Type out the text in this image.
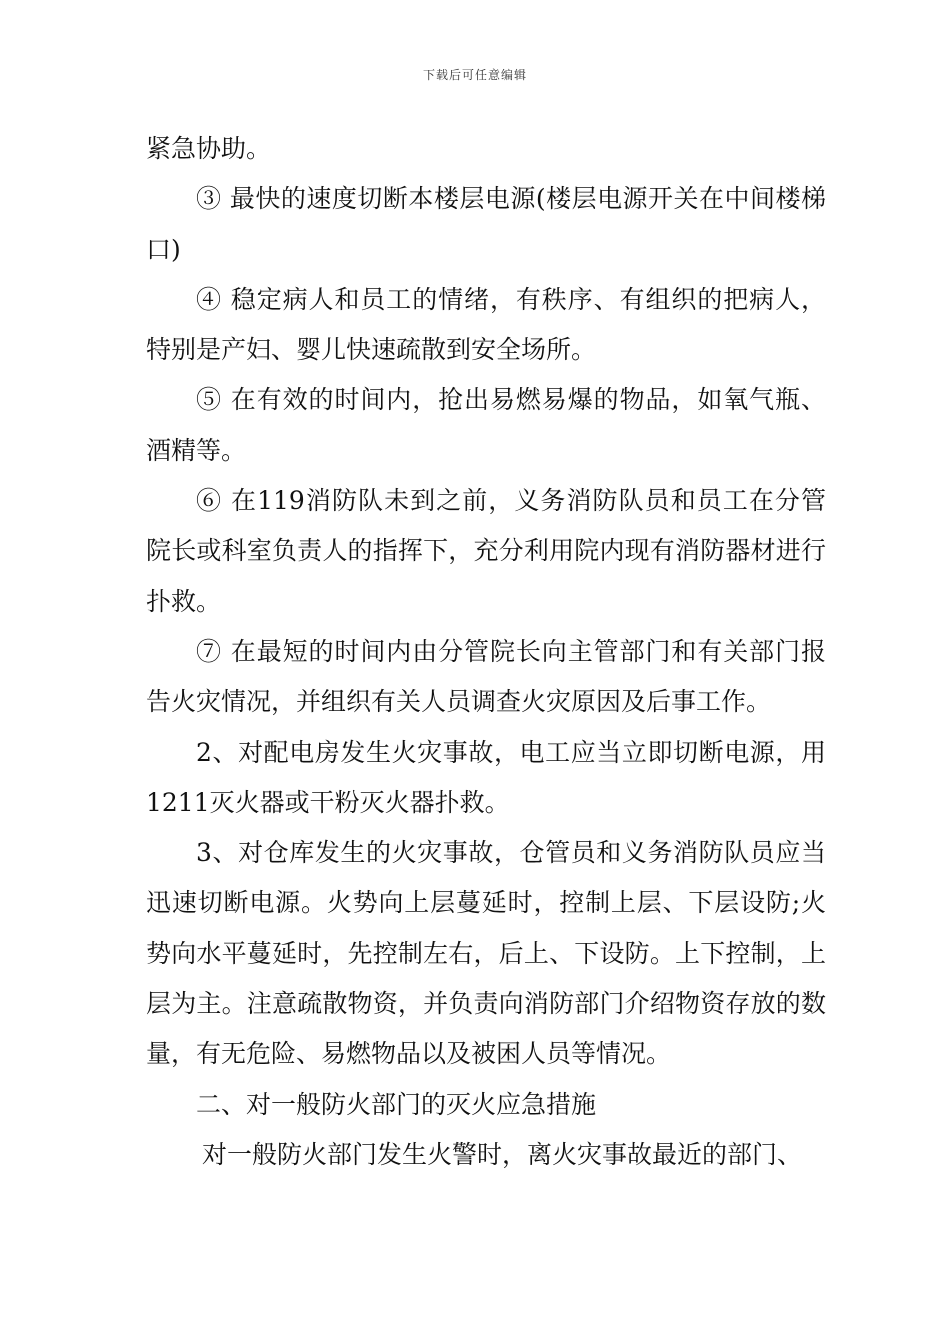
下载后可任意编辑

紧急协助。

③ 最快的速度切断本楼层电源(楼层电源开关在中间楼梯口)

④ 稳定病人和员工的情绪，有秩序、有组织的把病人，特别是产妇、婴儿快速疏散到安全场所。

⑤ 在有效的时间内，抢出易燃易爆的物品，如氧气瓶、酒精等。

⑥ 在119消防队未到之前，义务消防队员和员工在分管院长或科室负责人的指挥下，充分利用院内现有消防器材进行扑救。

⑦ 在最短的时间内由分管院长向主管部门和有关部门报告火灾情况，并组织有关人员调查火灾原因及后事工作。

2、对配电房发生火灾事故，电工应当立即切断电源，用1211灭火器或干粉灭火器扑救。

3、对仓库发生的火灾事故，仓管员和义务消防队员应当迅速切断电源。火势向上层蔓延时，控制上层、下层设防;火势向水平蔓延时，先控制左右，后上、下设防。上下控制，上层为主。注意疏散物资，并负责向消防部门介绍物资存放的数量，有无危险、易燃物品以及被困人员等情况。

二、对一般防火部门的灭火应急措施

对一般防火部门发生火警时，离火灾事故最近的部门、
